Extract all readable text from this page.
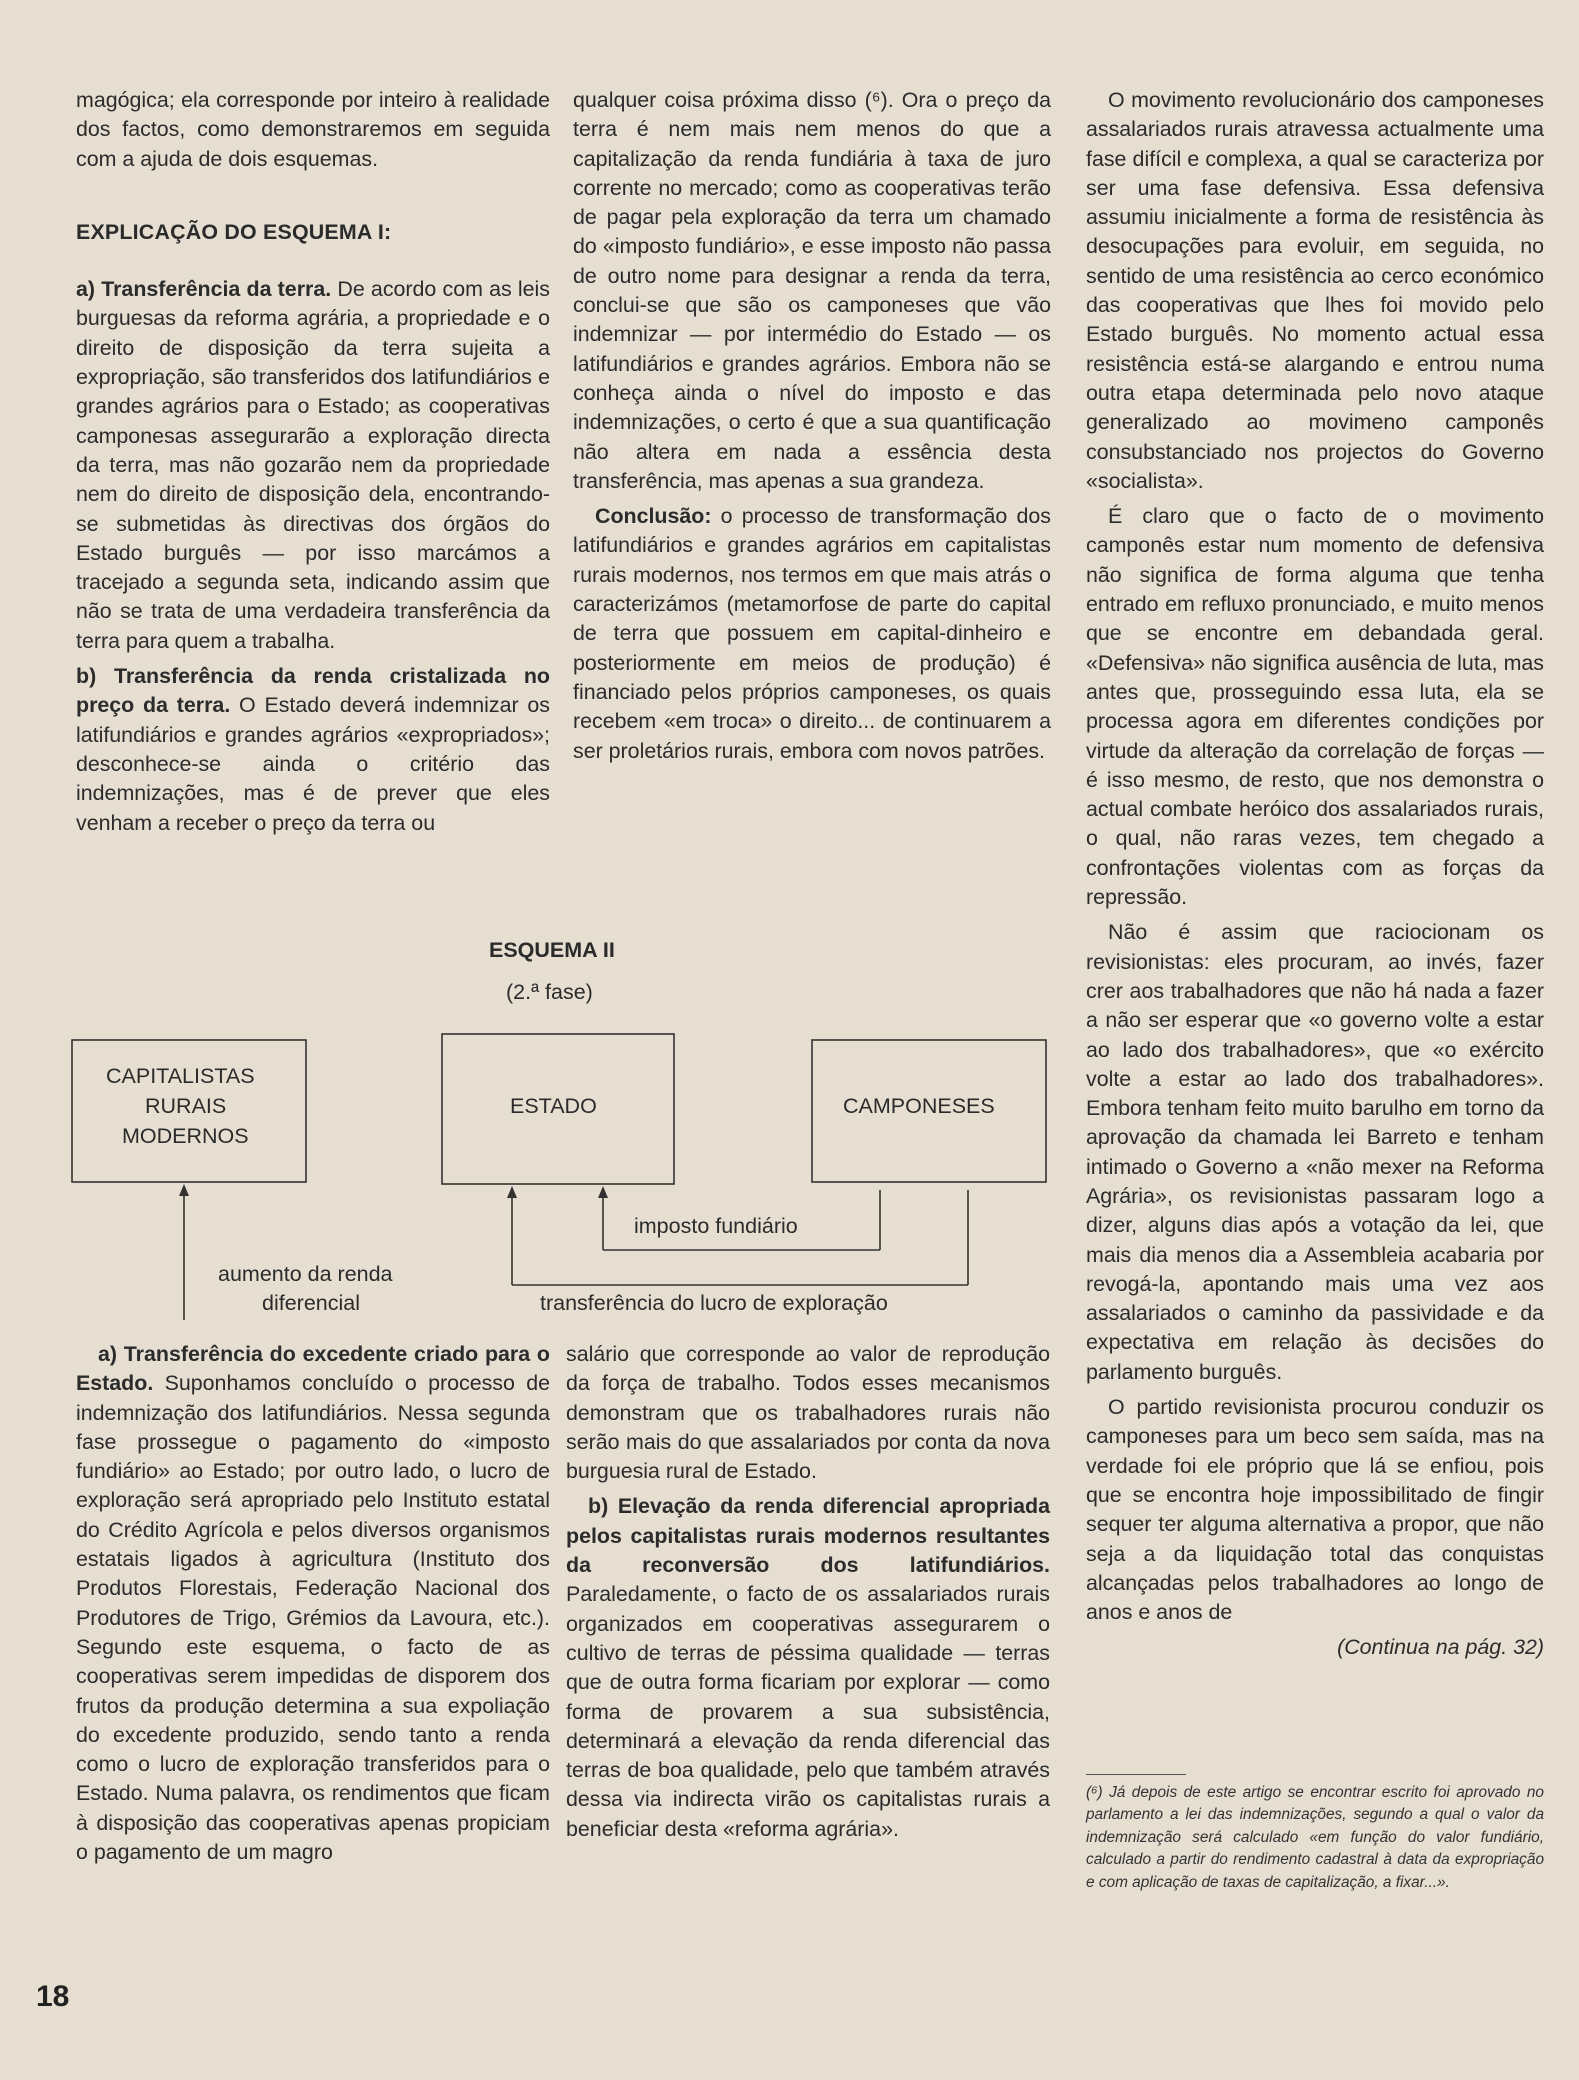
magógica; ela corresponde por inteiro à realidade dos factos, como demonstraremos em seguida com a ajuda de dois esquemas.

EXPLICAÇÃO DO ESQUEMA I:

a) Transferência da terra. De acordo com as leis burguesas da reforma agrária, a propriedade e o direito de disposição da terra sujeita a expropriação, são transferidos dos latifundiários e grandes agrários para o Estado; as cooperativas camponesas assegurarão a exploração directa da terra, mas não gozarão nem da propriedade nem do direito de disposição dela, encontrando-se submetidas às directivas dos órgãos do Estado burguês — por isso marcámos a tracejado a segunda seta, indicando assim que não se trata de uma verdadeira transferência da terra para quem a trabalha.

b) Transferência da renda cristalizada no preço da terra. O Estado deverá indemnizar os latifundiários e grandes agrários «expropriados»; desconhece-se ainda o critério das indemnizações, mas é de prever que eles venham a receber o preço da terra ou

qualquer coisa próxima disso (⁶). Ora o preço da terra é nem mais nem menos do que a capitalização da renda fundiária à taxa de juro corrente no mercado; como as cooperativas terão de pagar pela exploração da terra um chamado do «imposto fundiário», e esse imposto não passa de outro nome para designar a renda da terra, conclui-se que são os camponeses que vão indemnizar — por intermédio do Estado — os latifundiários e grandes agrários. Embora não se conheça ainda o nível do imposto e das indemnizações, o certo é que a sua quantificação não altera em nada a essência desta transferência, mas apenas a sua grandeza.

Conclusão: o processo de transformação dos latifundiários e grandes agrários em capitalistas rurais modernos, nos termos em que mais atrás o caracterizámos (metamorfose de parte do capital de terra que possuem em capital-dinheiro e posteriormente em meios de produção) é financiado pelos próprios camponeses, os quais recebem «em troca» o direito... de continuarem a ser proletários rurais, embora com novos patrões.

O movimento revolucionário dos camponeses assalariados rurais atravessa actualmente uma fase difícil e complexa, a qual se caracteriza por ser uma fase defensiva. Essa defensiva assumiu inicialmente a forma de resistência às desocupações para evoluir, em seguida, no sentido de uma resistência ao cerco económico das cooperativas que lhes foi movido pelo Estado burguês. No momento actual essa resistência está-se alargando e entrou numa outra etapa determinada pelo novo ataque generalizado ao movimeno camponês consubstanciado nos projectos do Governo «socialista».

É claro que o facto de o movimento camponês estar num momento de defensiva não significa de forma alguma que tenha entrado em refluxo pronunciado, e muito menos que se encontre em debandada geral. «Defensiva» não significa ausência de luta, mas antes que, prosseguindo essa luta, ela se processa agora em diferentes condições por virtude da alteração da correlação de forças — é isso mesmo, de resto, que nos demonstra o actual combate heróico dos assalariados rurais, o qual, não raras vezes, tem chegado a confrontações violentas com as forças da repressão.

Não é assim que raciocionam os revisionistas: eles procuram, ao invés, fazer crer aos trabalhadores que não há nada a fazer a não ser esperar que «o governo volte a estar ao lado dos trabalhadores», que «o exército volte a estar ao lado dos trabalhadores». Embora tenham feito muito barulho em torno da aprovação da chamada lei Barreto e tenham intimado o Governo a «não mexer na Reforma Agrária», os revisionistas passaram logo a dizer, alguns dias após a votação da lei, que mais dia menos dia a Assembleia acabaria por revogá-la, apontando mais uma vez aos assalariados o caminho da passividade e da expectativa em relação às decisões do parlamento burguês.

O partido revisionista procurou conduzir os camponeses para um beco sem saída, mas na verdade foi ele próprio que lá se enfiou, pois que se encontra hoje impossibilitado de fingir sequer ter alguma alternativa a propor, que não seja a da liquidação total das conquistas alcançadas pelos trabalhadores ao longo de anos e anos de

(Continua na pág. 32)

(⁶) Já depois de este artigo se encontrar escrito foi aprovado no parlamento a lei das indemnizações, segundo a qual o valor da indemnização será calculado «em função do valor fundiário, calculado a partir do rendimento cadastral à data da expropriação e com aplicação de taxas de capitalização, a fixar...».
ESQUEMA II
(2.ª fase)
CAPITALISTAS
RURAIS
MODERNOS
ESTADO	CAMPONESES
imposto fundiário
aumento da renda
diferencial	transferência do lucro de exploração

a) Transferência do excedente criado para o Estado. Suponhamos concluído o processo de indemnização dos latifundiários. Nessa segunda fase prossegue o pagamento do «imposto fundiário» ao Estado; por outro lado, o lucro de exploração será apropriado pelo Instituto estatal do Crédito Agrícola e pelos diversos organismos estatais ligados à agricultura (Instituto dos Produtos Florestais, Federação Nacional dos Produtores de Trigo, Grémios da Lavoura, etc.). Segundo este esquema, o facto de as cooperativas serem impedidas de disporem dos frutos da produção determina a sua expoliação do excedente produzido, sendo tanto a renda como o lucro de exploração transferidos para o Estado. Numa palavra, os rendimentos que ficam à disposição das cooperativas apenas propiciam o pagamento de um magro

salário que corresponde ao valor de reprodução da força de trabalho. Todos esses mecanismos demonstram que os trabalhadores rurais não serão mais do que assalariados por conta da nova burguesia rural de Estado.

b) Elevação da renda diferencial apropriada pelos capitalistas rurais modernos resultantes da reconversão dos latifundiários. Paraledamente, o facto de os assalariados rurais organizados em cooperativas assegurarem o cultivo de terras de péssima qualidade — terras que de outra forma ficariam por explorar — como forma de provarem a sua subsistência, determinará a elevação da renda diferencial das terras de boa qualidade, pelo que também através dessa via indirecta virão os capitalistas rurais a beneficiar desta «reforma agrária».

18
